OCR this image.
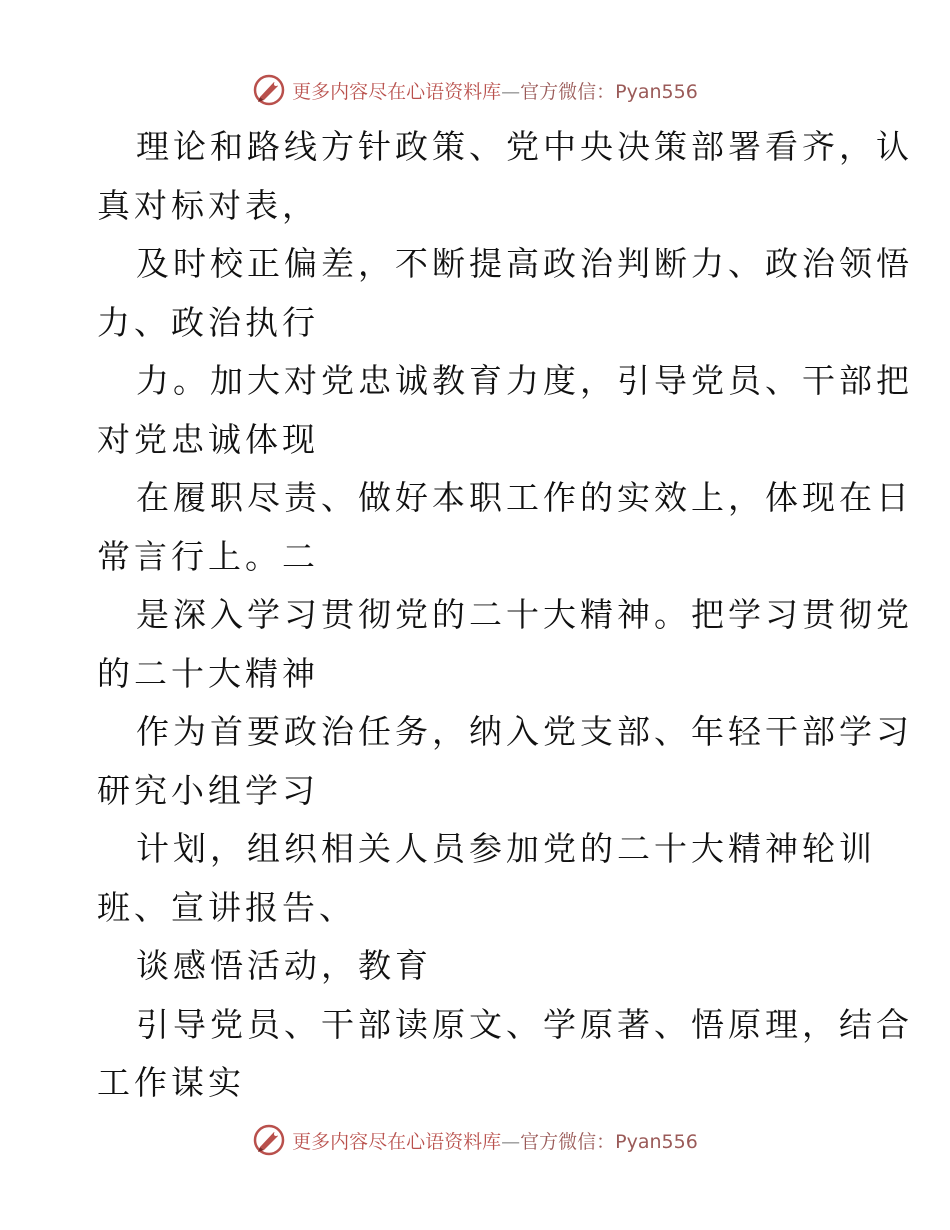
更多内容尽在心语资料库—官方微信：Pyan556
理论和路线方针政策、党中央决策部署看齐，认
真对标对表，
及时校正偏差，不断提高政治判断力、政治领悟
力、政治执行
力。加大对党忠诚教育力度，引导党员、干部把
对党忠诚体现
在履职尽责、做好本职工作的实效上，体现在日
常言行上。二
是深入学习贯彻党的二十大精神。把学习贯彻党
的二十大精神
作为首要政治任务，纳入党支部、年轻干部学习
研究小组学习
计划，组织相关人员参加党的二十大精神轮训
班、宣讲报告、
谈感悟活动，教育
引导党员、干部读原文、学原著、悟原理，结合
工作谋实
更多内容尽在心语资料库—官方微信：Pyan556
